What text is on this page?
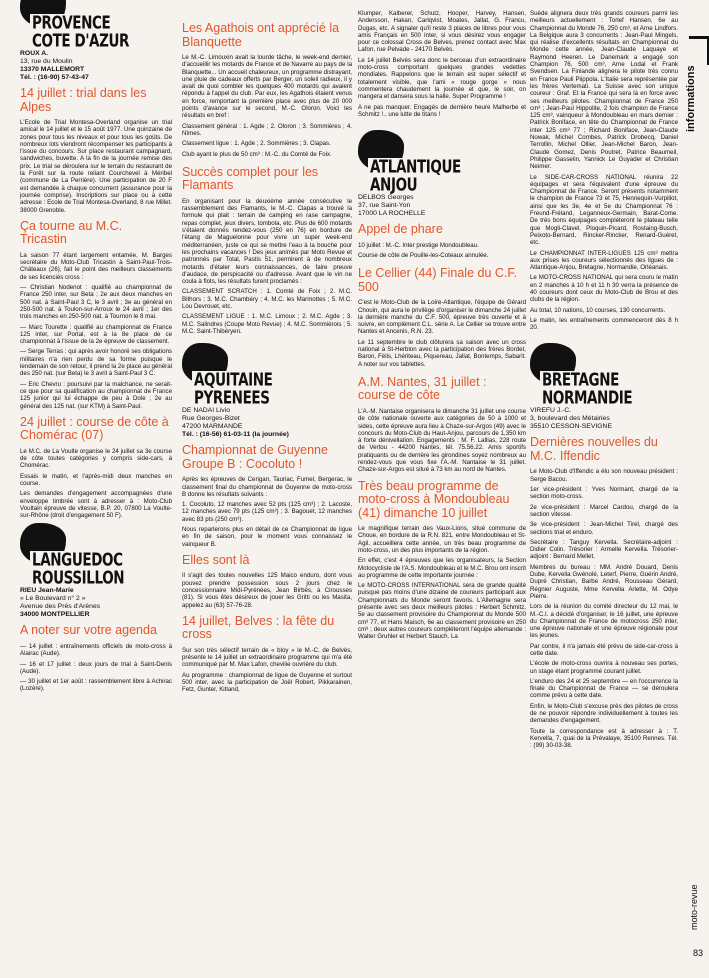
PROVENCE
COTE D'AZUR
ROUX A.
13, rue du Moulin
13370 MALLEMORT
Tél. : (16-90) 57-43-47
14 juillet : trial dans les Alpes

L'Ecole de Trial Montesa-Overland organise un trial amical le 14 juillet et le 15 août 1977. Une quinzaine de zones pour tous les niveaux et pour tous les goûts. De nombreux lots viendront récompenser les participants à l'issue du concours. Sur place restaurant campagnard, sandwiches, buvette. A la fin de la journée remise des prix. Le trial se déroulera sur le terrain du restaurant de la Forêt sur la route reliant Courchevel à Méribel (commune de La Perrière). Une participation de 20 F est demandée à chaque concurrent (assurance pour la journée comprise). Inscriptions sur place ou à cette adresse : Ecole de Trial Montesa-Overland, 8 rue Millet. 38000 Grenoble.

Ça tourne au M.C. Tricastin

La saison 77 étant largement entamée, M. Barges secrétaire du Moto-Club Tricastin à Saint-Paul-Trois-Châteaux (26), fait le point des meilleurs classements de ses licenciés cross :

— Christian Nodenot : qualifié au championnat de France 250 inter, sur Beta ; 2e aux deux manches en 500 nat. à Saint-Paul 3 C, le 3 avril ; 3e au général en 250-500 nat. à Toulon-sur-Arroux le 24 avril ; 1er des trois manches en 250-500 nat. à Tournon le 8 mai.

— Marc Tourette : qualifié au championnat de France 125 inter, sur Portal, est à la 8e place de ce championnat à l'issue de la 2e épreuve de classement.

— Serge Terras : qui après avoir honoré ses obligations militaires n'a rien perdu de sa forme puisque le lendemain de son retour, il prend la 2e place au général des 250 nat. (sur Beta) le 3 avril à Saint-Paul 3 C.

— Eric Chevru : poursuivi par la malchance, ne serait-ce que pour sa qualification au championnat de France 125 junior qui lui échappe de peu à Dole ; 2e au général des 125 nat. (sur KTM) à Saint-Paul.

24 juillet : course de côte à Chomérac (07)

Le M.C. de La Voulte organise le 24 juillet sa 3e course de côte toutes catégories y compris side-cars, à Chomérac.

Essais le matin, et l'après-midi deux manches en course.

Les demandes d'engagement accompagnées d'une enveloppe timbrée sont à adresser à : Moto-Club Voultain épreuve de vitesse, B.P. 20, 07800 La Voulte-sur-Rhône (droit d'engagement 50 F).

LANGUEDOC
ROUSSILLON
RIEU Jean-Marie
« Le Boulevard n° 2 »
Avenue des Prés d'Arènes
34000 MONTPELLIER
A noter sur votre agenda

— 14 juillet : entraînements officiels de moto-cross à Alairac (Aude).

— 16 et 17 juillet : deux jours de trial à Saint-Denis (Aude).

— 30 juillet et 1er août : rassemblement libre à Achirac (Lozère).

Les Agathois ont apprécié la Blanquette

Le M.-C. Limouxin avait la lourde tâche, le week-end dernier, d'accueillir les motards de France et de Navarre au pays de la Blanquette... Un accueil chaleureux, un programme distrayant, une pluie de cadeaux offerts par Berger, un soleil radieux, il y avait de quoi combler les quelques 400 motards qui avaient répondu à l'appel du club. Par eux, les Agathois étaient venus en force, remportant la première place avec plus de 20 000 points d'avance sur le second, M.-C. Oloron. Voici les résultats en bref :

Classement général : 1. Agde ; 2. Oloron ; 3. Sommières ; 4. Nîmes.

Classement ligue : 1. Agde ; 2. Sommières ; 3. Clapas.

Club ayant le plus de 50 cm³ : M.-C. du Comté de Foix.

Succès complet pour les Flamants

En organisant pour la deuxième année consécutive le rassemblement des Flamants, le M.-C. Clapas a trouvé la formule qui plait : terrain de camping en rase campagne, repas complet, jeux divers, tombola, etc. Plus de 600 motards s'étaient donnés rendez-vous (250 en 76) en bordure de l'étang de Maguelonne pour vivre un super week-end méditerranéen, juste ce qui se mettre l'eau à la bouche pour les prochains vacances ! Des jeux animés par Moto Revue et patronnés par Total, Pastis 51, permirent à de nombreux motards d'étaler leurs connaissances, de faire preuve d'audace, de perspicacité ou d'adresse. Avant que le vin ne coula à flots, les résultats furent proclamés :

CLASSEMENT SCRATCH : 1. Comté de Foix ; 2. M.C. Bithors ; 3. M.C. Chambéry ; 4. M.C. les Marmottes ; 5. M.C. Lou Devrouet, etc.

CLASSEMENT LIGUE : 1. M.C. Limoux ; 2. M.C. Agde ; 3. M.C. Salindres (Coupe Moto Revue) ; 4. M.C. Sommièrois ; 5. M.C. Saint-Thibéryen.

AQUITAINE
PYRENEES
DE NADAI Livio
Rue Georges-Bizet
47200 MARMANDE
Tél. : (16-56) 61-03-11 (la journée)
Championnat de Guyenne Groupe B : Cocoluto !

Après les épreuves de Cerigan, Tauriac, Fumel, Bergerac, le classement final du championnat de Guyenne de moto-cross B donne les résultats suivants :

1. Cocoluto, 12 manches avec 52 pts (125 cm³) ; 2. Lacoste, 12 manches avec 79 pts (125 cm³) ; 3. Bagouet, 12 manches avec 83 pts (250 cm³).

Nous reparlerons plus en détail de ce Championnat de ligue en fin de saison, pour le moment vous connaissez le vainqueur B.

Elles sont là

Il s'agit des toutes nouvelles 125 Maico enduro, dont vous pouvez prendre possession sous 2 jours chez le concessionnaire Midi-Pyrénées, Jean Birbès, à Cirousses (81). Si vous êtes désireux de jouer les Gritti ou les Masita, appelez au (63) 57-76-28.

14 juillet, Belves : la fête du cross

Sur son très sélectif terrain de « bloy » le M.-C. de Belvès, présente le 14 juillet un extraordinaire programme qui m'a été communiqué par M. Max Lafon, chevilie ouvrière du club.

Au programme : championnat de ligue de Guyenne et surtout 500 inter, avec la participation de Joël Robert, Pikkarainen, Fetz, Gunter, Kitland,

Klumper, Kalberer, Schutz, Hooper, Harvey, Hansen, Andersson, Hakan, Carlqvist, Moates, Jallat, G. Francu, Dugas, etc. A signaler qu'il reste 3 places de libres pour vous amis Français en 500 Inter, si vous désirez vous engager pour ce colossal Cross de Belves, prenez contact avec Max Lafon, rue Pelvade - 24170 Belvès.

Le 14 juillet Belvès sera donc le berceau d'un extraordinaire moto-cross comportant quelques grandes vedettes mondiales. Rappelons que le terrain est super sélectif et totalement visible, que l'ami « rouge gorge » nous commentera chaudement la journée et que, le soir, on mangera et dansera sous la halle. Super Programme !

A ne pas manquer. Engagés de dernière heure Malherbe et Schmitz !.. une lutte de titans !

ATLANTIQUE
ANJOU
DELBOS Georges
37, rue Saint-Yon
17000 LA ROCHELLE
Appel de phare

10 juillet : M.-C. Inter prestige Mondoubleau.

Course de côte de Pouille-les-Coteaux annulée.

Le Cellier (44) Finale du C.F. 500

C'est le Moto-Club de la Loire-Atlantique, l'équipe de Gérard Chouin, qui aura le privilège d'organiser le dimanche 24 juillet la dernière manche du C.F. 500, épreuve très ouverte et à suivre, en complément C.L. série A. Le Cellier se trouve entre Nantes et Ancenis, R.N. 23.

Le 11 septembre le club clôturera sa saison avec un cross national à St-Herblon avec la participation des frères Bordet, Baron, Félis, Lhériteau, Piquereau, Jallat, Bontemps, Sabarit. A noter sur vos tablettes.

A.M. Nantes, 31 juillet : course de côte

L'A.-M. Nantaise organisera le dimanche 31 juillet une course de côte nationale ouverte aux catégories de 50 à 1000 et sides, cette épreuve aura lieu à Chaze-sur-Argos (49) avec le concours du Moto-Club du Haut-Anjou, parcours de 1,350 km à forte dénivellation. Engagements : M. F. Lallias, 228 route de Vertou - 44200 Nantes, tél. 75.56.22. Amis sportifs pratiquants ou de derrière les girondines soyez nombreux au rendez-vous que vous fixe l'A.-M. Nantaise le 31 juillet. Chaze-sur-Argos est situé à 73 km au nord de Nantes.

Très beau programme de moto-cross à Mondoubleau (41) dimanche 10 juillet

Le magnifique terrain des Vaux-Lions, situé commune de Choue, en bordure de la R.N. 821, entre Mondoubleau et St-Agil, accueillera cette année, un très beau programme de moto-cross, un des plus importants de la région.

En effet, c'est 4 épreuves que les organisateurs, la Section Motocycliste de l'A.S. Mondoubleau et le M.C. Brou ont inscrit au programme de cette importante journée :

Le MOTO-CROSS INTERNATIONAL sera de grande qualité puisque pas moins d'une dizaine de coureurs participant aux Championnats du Monde seront favoris. L'Allemagne sera présente avec ses deux meilleurs pilotes : Herbert Schmitz, 5e au classement provisoire du Championnat du Monde 500 cm³ 77, et Hans Maisch, 6e au classement provisoire en 250 cm³ ; deux autres coureurs compléteront l'équipe allemande : Walter Gruhler et Herbert Stauch. La

Suède alignera deux très grands coureurs parmi les meilleurs actuellement : Torlef Hansen, 6e au Championnat du Monde 76, 250 cm³, et Arne Lindfors. La Belgique aura 3 concurrents : Jean-Paul Mingels, qui réalise d'excellents résultats en Championnat du Monde cette année, Jean-Claude Laquaye et Raymond Heeren. Le Danemark a engagé son Champion 76, 500 cm³, Arne Lodal et Frank Svendsen. La Finlande alignera le pilote très connu en France Pauli Piippola. L'Italie sera représentée par les frères Vertemati. La Suisse avec son unique coureur : Graf. Et la France qui sera là en force avec ses meilleurs pilotes. Championnat de France 250 cm³ ; Jean-Paul Hippolite, 2 fois champion de France 125 cm³, vainqueur à Mondoubleau en mars dernier : Patrick Boniface, en tête du Championnat de France inter 125 cm³ 77 ; Richard Boniface, Jean-Claude Nowak, Michel Combes, Patrick Drobecq, Daniel Terrollin, Michel Ollier, Jean-Michel Baron, Jean-Claude Gomez, Denis Poutret, Patrice Beaumeil, Philippe Gasselin, Yannick Le Guyader et Christian Neimer.

Le SIDE-CAR-CROSS NATIONAL réunira 22 équipages et sera l'équivalent d'une épreuve du Championnat de France. Seront présents notamment le champion de France 73 et 75, Hennequin-Vurpillot, ainsi que les 3e, 4e et 5e du Championnat 76 : Freund-Fréland, Leganneux-Germain, Barat-Come. De très bons équipages compléteront le plateau telle que Mogli-Clavel, Ploquin-Picard, Rostaing-Busch, Peixoto-Bernard, Rincker-Rincker, Renard-Guéret, etc.

Le CHAMPIONNAT INTER-LIGUES 125 cm³ mettra aux prises les coureurs sélectionnés des ligues de : Atlantique-Anjou, Bretagne, Normandie, Orléanais.

Le MOTO-CROSS NATIONAL qui sera couru le matin en 2 manches à 10 h et 11 h 30 verra la présence de 40 coureurs dont ceux du Moto-Club de Brou et des clubs de la région.

Au total, 10 nations, 10 courses, 130 concurrents.

Le matin, les entraînements commenceront dès 8 h 20.

BRETAGNE
NORMANDIE
VIREFU J.-C.
3, boulevard des Métairies
35510 CESSON-SEVIGNE
Dernières nouvelles du M.C. Iffendic

Le Moto-Club d'Iffendic a élu son nouveau président : Serge Bacou.

1er vice-président : Yves Normant, chargé de la section moto-cross.

2e vice-président : Marcel Cardou, chargé de la section vitesse.

3e vice-président : Jean-Michel Tirel, chargé des sections trial et enduro.

Secrétaire : Tanguy Kervella. Secrétaire-adjoint : Didier Colin. Trésorier : Armelle Kervella. Trésorier-adjoint : Bernard Mellet.

Membres du bureau : MM. André Douard, Denis Dube, Kervella Gwénolé, Leterf, Pierre, Guérin André, Dupré Christian, Barbe André, Rousseau Gérard, Régnier Auguste, Mme Kervella Arlette, M. Odye Pierre.

Lors de la réunion du comité directeur du 12 mai, le M.-C.I. a décidé d'organiser, le 16 juillet, une épreuve du Championnat de France de motocross 250 inter, une épreuve nationale et une épreuve régionale pour les jeunes.

Par contre, il n'a jamais été prévu de side-car-cross à cette date.

L'école de moto-cross ouvrira à nouveau ses portes, un stage étant programmé courant juillet.

L'enduro des 24 et 25 septembre — en l'occurrence la finale du Championnat de France — se déroulera comme prévu à cette date.

Enfin, le Moto-Club s'excuse près des pilotes de cross de ne pouvoir répondre individuellement à toutes les demandes d'engagement.

Toute la correspondance est à adresser à : T. Kervella, 7, quai de la Prévalaye, 35100 Rennes. Tél. : (99) 30-03-38.

informations
moto-revue
83
